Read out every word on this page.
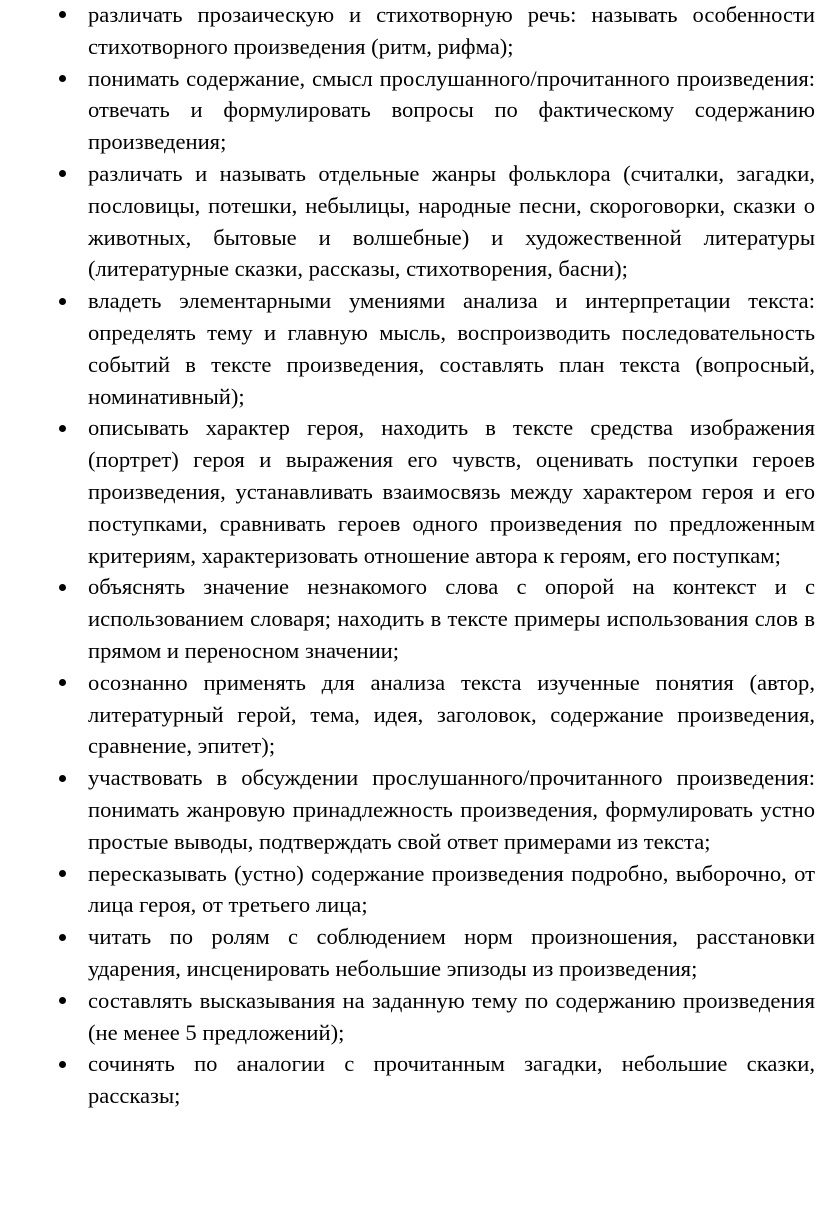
различать прозаическую и стихотворную речь: называть особенности стихотворного произведения (ритм, рифма);
понимать содержание, смысл прослушанного/прочитанного произведения: отвечать и формулировать вопросы по фактическому содержанию произведения;
различать и называть отдельные жанры фольклора (считалки, загадки, пословицы, потешки, небылицы, народные песни, скороговорки, сказки о животных, бытовые и волшебные) и художественной литературы (литературные сказки, рассказы, стихотворения, басни);
владеть элементарными умениями анализа и интерпретации текста: определять тему и главную мысль, воспроизводить последовательность событий в тексте произведения, составлять план текста (вопросный, номинативный);
описывать характер героя, находить в тексте средства изображения (портрет) героя и выражения его чувств, оценивать поступки героев произведения, устанавливать взаимосвязь между характером героя и его поступками, сравнивать героев одного произведения по предложенным критериям, характеризовать отношение автора к героям, его поступкам;
объяснять значение незнакомого слова с опорой на контекст и с использованием словаря; находить в тексте примеры использования слов в прямом и переносном значении;
осознанно применять для анализа текста изученные понятия (автор, литературный герой, тема, идея, заголовок, содержание произведения, сравнение, эпитет);
участвовать в обсуждении прослушанного/прочитанного произведения: понимать жанровую принадлежность произведения, формулировать устно простые выводы, подтверждать свой ответ примерами из текста;
пересказывать (устно) содержание произведения подробно, выборочно, от лица героя, от третьего лица;
читать по ролям с соблюдением норм произношения, расстановки ударения, инсценировать небольшие эпизоды из произведения;
составлять высказывания на заданную тему по содержанию произведения (не менее 5 предложений);
сочинять по аналогии с прочитанным загадки, небольшие сказки, рассказы;
